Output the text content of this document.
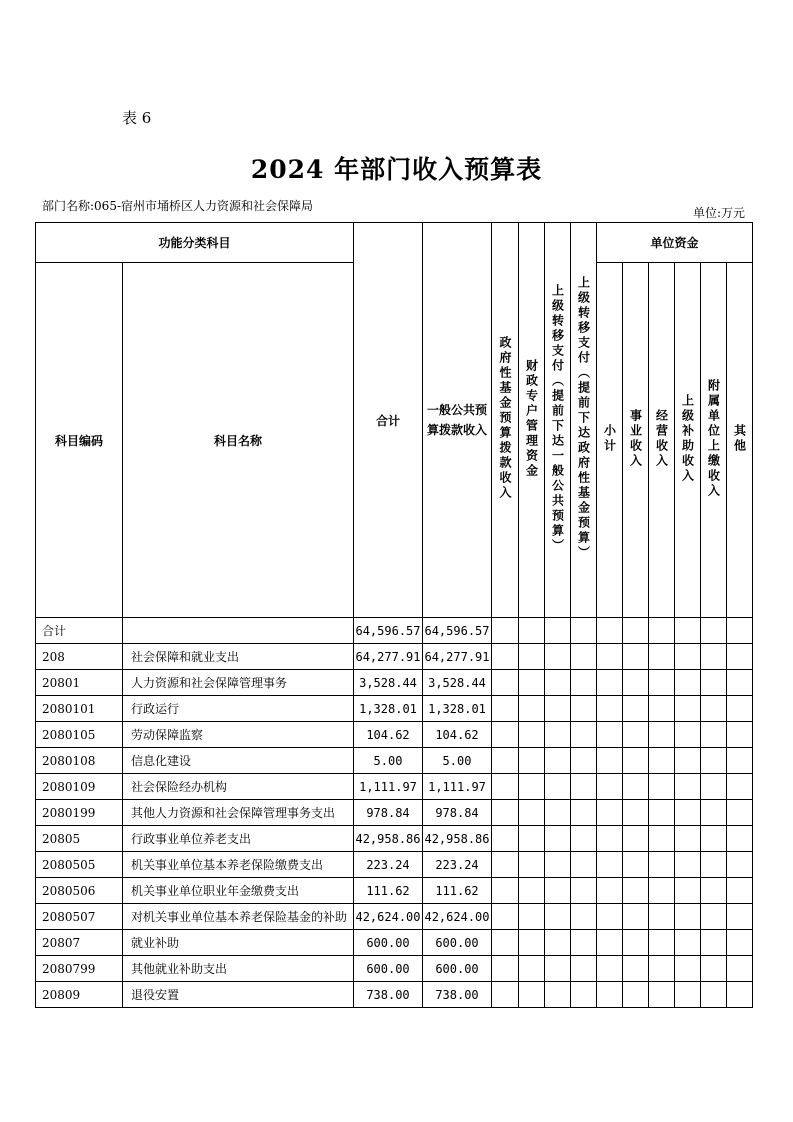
表 6
2024 年部门收入预算表
部门名称:065-宿州市埇桥区人力资源和社会保障局	单位:万元
功能分类科目		合计	一般公共预算拨款收入	政府性基金预算拨款收入	财政专户管理资金	上级转移支付（提前下达一般公共预算）	上级转移支付（提前下达政府性基金预算）	单位资金					
科目编码	科目名称							小计	事业收入	经营收入	上级补助收入	附属单位上缴收入	其他
合计		64,596.57	64,596.57										
208	社会保障和就业支出	64,277.91	64,277.91										
20801	人力资源和社会保障管理事务	3,528.44	3,528.44										
2080101	行政运行	1,328.01	1,328.01										
2080105	劳动保障监察	104.62	104.62										
2080108	信息化建设	5.00	5.00										
2080109	社会保险经办机构	1,111.97	1,111.97										
2080199	其他人力资源和社会保障管理事务支出	978.84	978.84										
20805	行政事业单位养老支出	42,958.86	42,958.86										
2080505	机关事业单位基本养老保险缴费支出	223.24	223.24										
2080506	机关事业单位职业年金缴费支出	111.62	111.62										
2080507	对机关事业单位基本养老保险基金的补助	42,624.00	42,624.00										
20807	就业补助	600.00	600.00										
2080799	其他就业补助支出	600.00	600.00										
20809	退役安置	738.00	738.00										
